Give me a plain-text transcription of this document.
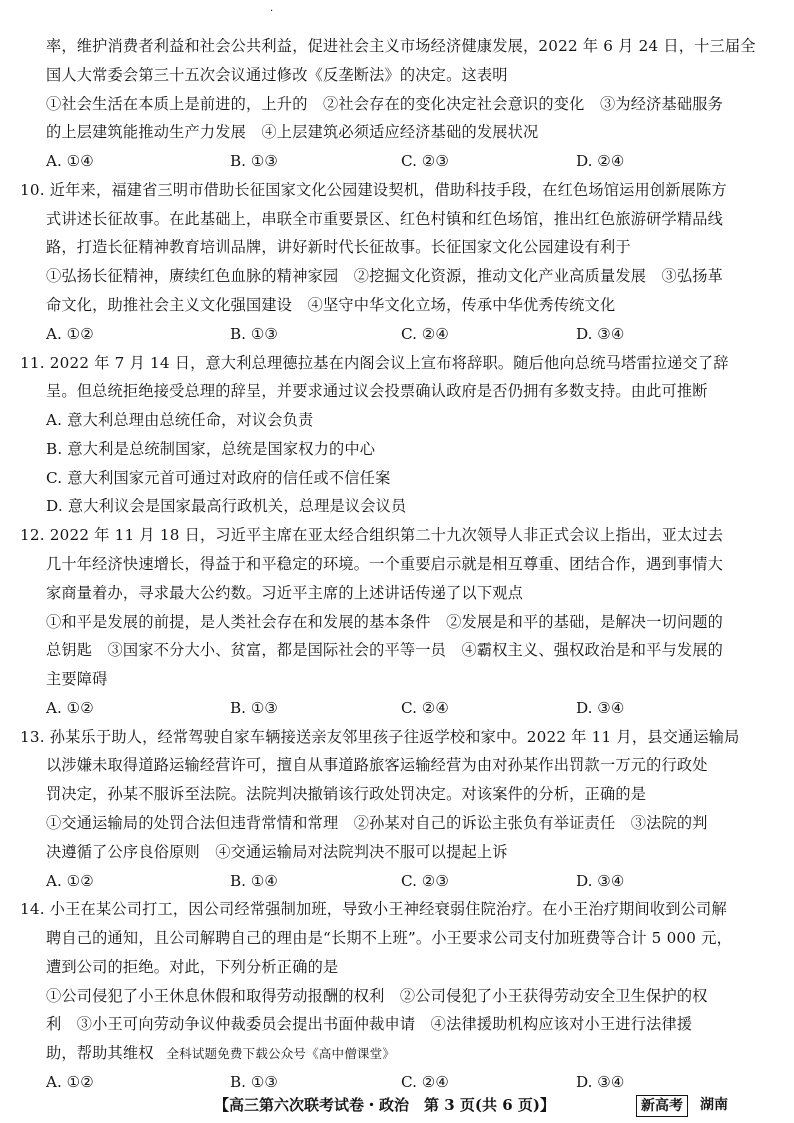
·
率，维护消费者利益和社会公共利益，促进社会主义市场经济健康发展，2022 年 6 月 24 日，十三届全
国人大常委会第三十五次会议通过修改《反垄断法》的决定。这表明
①社会生活在本质上是前进的，上升的　②社会存在的变化决定社会意识的变化　③为经济基础服务
的上层建筑能推动生产力发展　④上层建筑必须适应经济基础的发展状况
A. ①④	B. ①③	C. ②③	D. ②④
10. 近年来，福建省三明市借助长征国家文化公园建设契机，借助科技手段，在红色场馆运用创新展陈方
式讲述长征故事。在此基础上，串联全市重要景区、红色村镇和红色场馆，推出红色旅游研学精品线
路，打造长征精神教育培训品牌，讲好新时代长征故事。长征国家文化公园建设有利于
①弘扬长征精神，赓续红色血脉的精神家园　②挖掘文化资源，推动文化产业高质量发展　③弘扬革
命文化，助推社会主义文化强国建设　④坚守中华文化立场，传承中华优秀传统文化
A. ①②	B. ①③	C. ②④	D. ③④
11. 2022 年 7 月 14 日，意大利总理德拉基在内阁会议上宣布将辞职。随后他向总统马塔雷拉递交了辞
呈。但总统拒绝接受总理的辞呈，并要求通过议会投票确认政府是否仍拥有多数支持。由此可推断
A. 意大利总理由总统任命，对议会负责
B. 意大利是总统制国家，总统是国家权力的中心
C. 意大利国家元首可通过对政府的信任或不信任案
D. 意大利议会是国家最高行政机关，总理是议会议员
12. 2022 年 11 月 18 日，习近平主席在亚太经合组织第二十九次领导人非正式会议上指出，亚太过去
几十年经济快速增长，得益于和平稳定的环境。一个重要启示就是相互尊重、团结合作，遇到事情大
家商量着办，寻求最大公约数。习近平主席的上述讲话传递了以下观点
①和平是发展的前提，是人类社会存在和发展的基本条件　②发展是和平的基础，是解决一切问题的
总钥匙　③国家不分大小、贫富，都是国际社会的平等一员　④霸权主义、强权政治是和平与发展的
主要障碍
A. ①②	B. ①③	C. ②④	D. ③④
13. 孙某乐于助人，经常驾驶自家车辆接送亲友邻里孩子往返学校和家中。2022 年 11 月，县交通运输局
以涉嫌未取得道路运输经营许可，擅自从事道路旅客运输经营为由对孙某作出罚款一万元的行政处
罚决定，孙某不服诉至法院。法院判决撤销该行政处罚决定。对该案件的分析，正确的是
①交通运输局的处罚合法但违背常情和常理　②孙某对自己的诉讼主张负有举证责任　③法院的判
决遵循了公序良俗原则　④交通运输局对法院判决不服可以提起上诉
A. ①②	B. ①④	C. ②③	D. ③④
14. 小王在某公司打工，因公司经常强制加班，导致小王神经衰弱住院治疗。在小王治疗期间收到公司解
聘自己的通知，且公司解聘自己的理由是“长期不上班”。小王要求公司支付加班费等合计 5 000 元，
遭到公司的拒绝。对此，下列分析正确的是
①公司侵犯了小王休息休假和取得劳动报酬的权利　②公司侵犯了小王获得劳动安全卫生保护的权
利　③小王可向劳动争议仲裁委员会提出书面仲裁申请　④法律援助机构应该对小王进行法律援
【高三第六次联考试卷・政治　第 3 页(共 6 页)】	新高考	湖南
助，帮助其维权　全科试题免费下载公众号《高中僧课堂》
A. ①②	B. ①③	C. ②④	D. ③④
